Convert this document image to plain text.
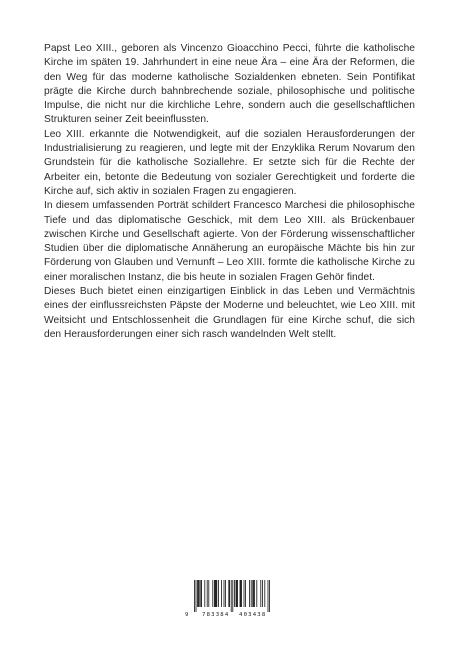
Papst Leo XIII., geboren als Vincenzo Gioacchino Pecci, führte die katholische Kirche im späten 19. Jahrhundert in eine neue Ära – eine Ära der Reformen, die den Weg für das moderne katholische Sozialdenken ebneten. Sein Pontifikat prägte die Kirche durch bahnbrechende soziale, philosophische und politische Impulse, die nicht nur die kirchliche Lehre, sondern auch die gesellschaftlichen Strukturen seiner Zeit beeinflussten.

Leo XIII. erkannte die Notwendigkeit, auf die sozialen Herausforderungen der Industrialisierung zu reagieren, und legte mit der Enzyklika Rerum Novarum den Grundstein für die katholische Soziallehre. Er setzte sich für die Rechte der Arbeiter ein, betonte die Bedeutung von sozialer Gerechtigkeit und forderte die Kirche auf, sich aktiv in sozialen Fragen zu engagieren.

In diesem umfassenden Porträt schildert Francesco Marchesi die philosophische Tiefe und das diplomatische Geschick, mit dem Leo XIII. als Brückenbauer zwischen Kirche und Gesellschaft agierte. Von der Förderung wissenschaftlicher Studien über die diplomatische Annäherung an europäische Mächte bis hin zur Förderung von Glauben und Vernunft – Leo XIII. formte die katholische Kirche zu einer moralischen Instanz, die bis heute in sozialen Fragen Gehör findet.

Dieses Buch bietet einen einzigartigen Einblick in das Leben und Vermächtnis eines der einflussreichsten Päpste der Moderne und beleuchtet, wie Leo XIII. mit Weitsicht und Entschlossenheit die Grundlagen für eine Kirche schuf, die sich den Herausforderungen einer sich rasch wandelnden Welt stellt.

9 783384 403438
